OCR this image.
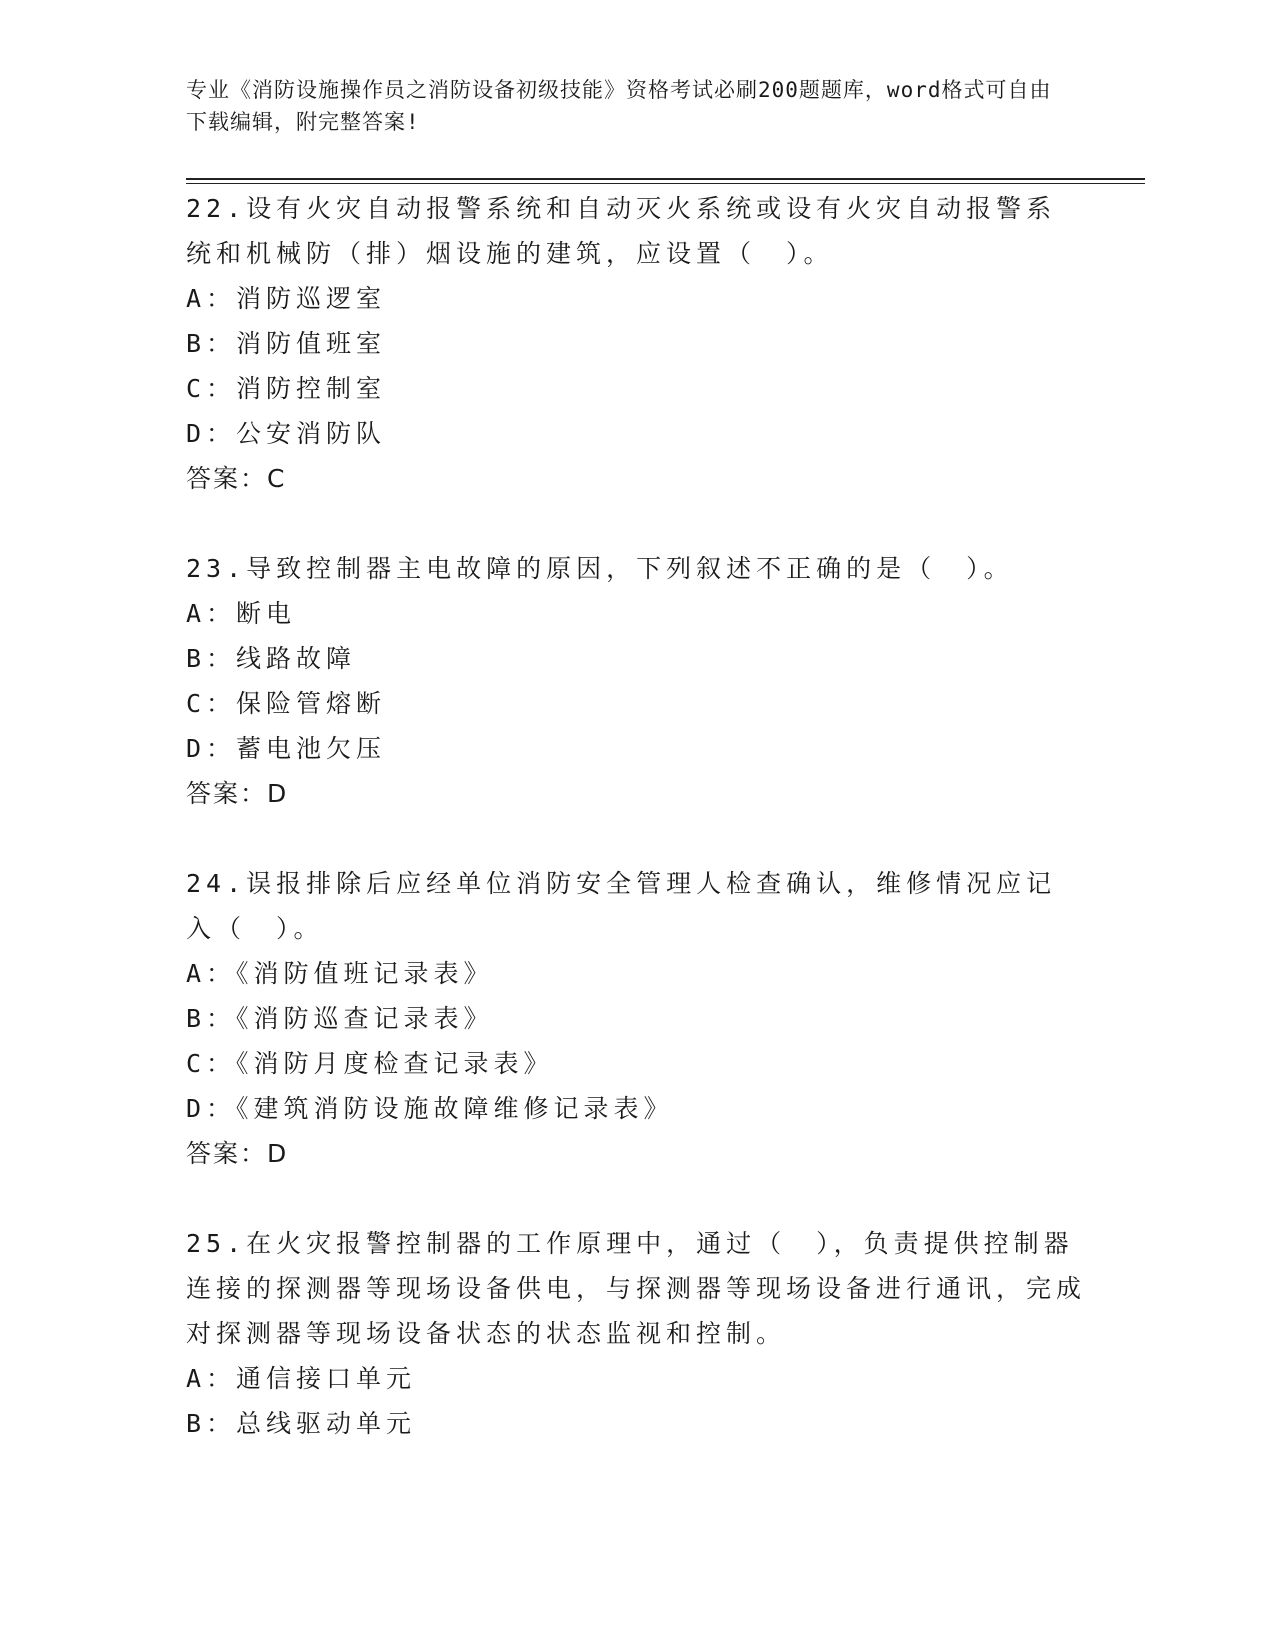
专业《消防设施操作员之消防设备初级技能》资格考试必刷200题题库，word格式可自由下载编辑，附完整答案!

22.设有火灾自动报警系统和自动灭火系统或设有火灾自动报警系统和机械防（排）烟设施的建筑，应设置（　）。

A：消防巡逻室

B：消防值班室

C：消防控制室

D：公安消防队

答案：C

23.导致控制器主电故障的原因，下列叙述不正确的是（　）。

A：断电

B：线路故障

C：保险管熔断

D：蓄电池欠压

答案：D

24.误报排除后应经单位消防安全管理人检查确认，维修情况应记入（　）。

A：《消防值班记录表》

B：《消防巡查记录表》

C：《消防月度检查记录表》

D：《建筑消防设施故障维修记录表》

答案：D

25.在火灾报警控制器的工作原理中，通过（　），负责提供控制器连接的探测器等现场设备供电，与探测器等现场设备进行通讯，完成对探测器等现场设备状态的状态监视和控制。

A：通信接口单元

B：总线驱动单元
